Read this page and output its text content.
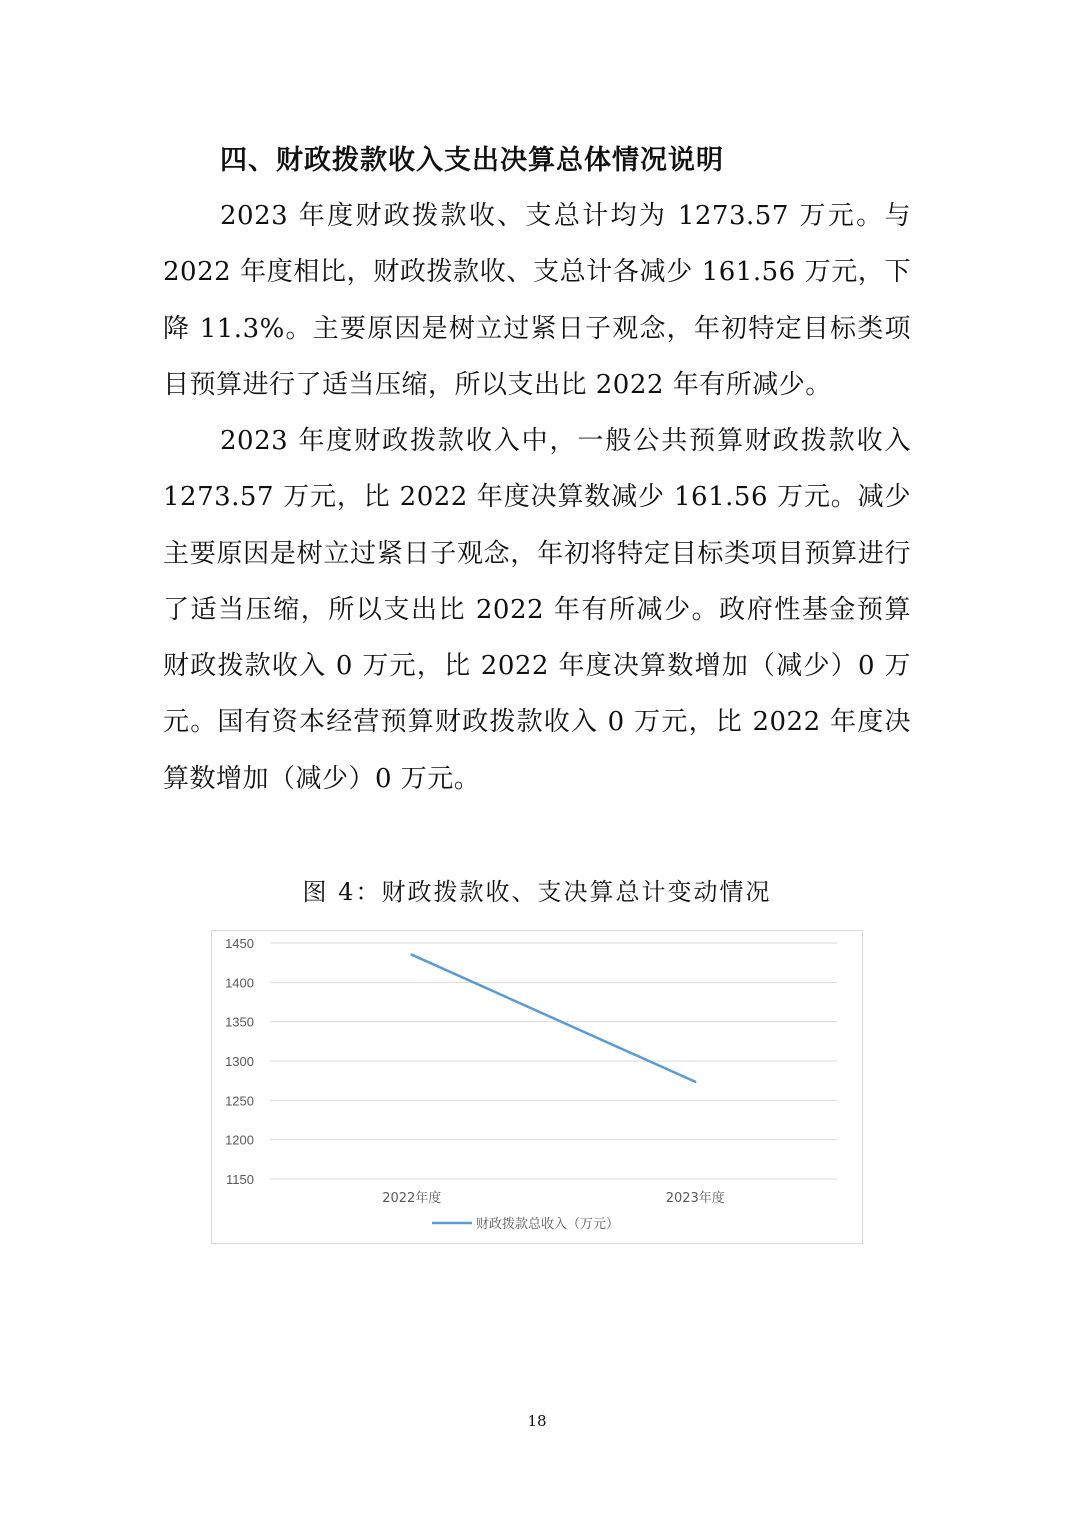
四、财政拨款收入支出决算总体情况说明

2023 年度财政拨款收、支总计均为 1273.57 万元。与 2022 年度相比，财政拨款收、支总计各减少 161.56 万元，下降 11.3%。主要原因是树立过紧日子观念，年初特定目标类项目预算进行了适当压缩，所以支出比 2022 年有所减少。

2023 年度财政拨款收入中，一般公共预算财政拨款收入 1273.57 万元，比 2022 年度决算数减少 161.56 万元。减少主要原因是树立过紧日子观念，年初将特定目标类项目预算进行了适当压缩，所以支出比 2022 年有所减少。政府性基金预算财政拨款收入 0 万元，比 2022 年度决算数增加（减少）0 万元。国有资本经营预算财政拨款收入 0 万元，比 2022 年度决算数增加（减少）0 万元。

图 4：财政拨款收、支决算总计变动情况
1450
1400
1350
1300
1250
1200
1150
2022年度	2023年度
财政拨款总收入（万元）
18
